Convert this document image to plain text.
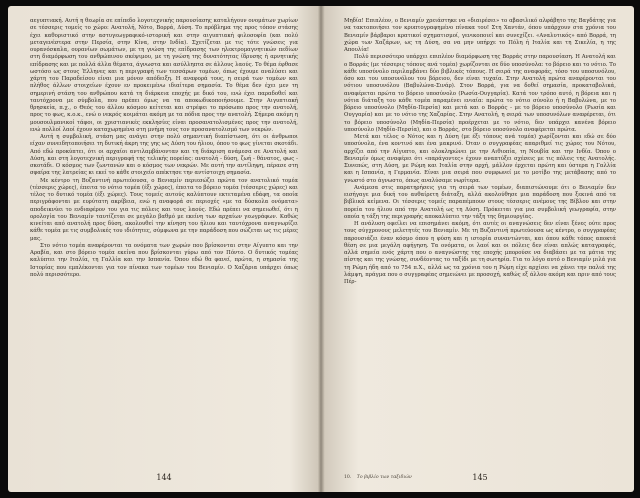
αεγυπτιακή. Αυτή η θεωρία σε επίπεδο λογοτεχνικής παρουσίασης καταλήγουν ονομάτων χωρίων σε τέσσερις τομείς το χώρο: Ανατολή, Νότο, Βορρά, Δύση. Το πρόβλημα της προς τόπον στάσης έχει καθοριστικό στην αστυγεωγραφικό-ιστορική και στην αιγυπτιακή φιλοσοφία (και πολύ μεταγενέστερα στην Περσία, στην Κίνα, στην Ινδία). Σχετίζεται με τις τότε γνώσεις για ουρανόσκαλα, ουρανίων σωμάτων, με τη γνώση της επίδρασης των ηλεκτρομαγνητικών πεδίων στη διαμόρφωση του ανθρώπινου σκέψιμου, με τη γνώση της δυνατότητας ίδρυσης ή αρνητικής επίδρασης και με πολλά άλλα θέματα, άγνωστα και ασύλληπτα σε άλλους λαούς. Το θέμα έφθασε ωστόσο ως στους Έλληνες και η περιγραφή των τεσσάρων τομέων, όπως έχουμε αναλύσει και χάρτη του Παραδείσου είναι μια μόνον απόδειξη. Η αναφορά τους, η σειρά των τομέων και πλήθος άλλων στοιχείων έχουν εν προκειμένω ιδιαίτερα σημασία. Το θέμα δεν έχει μεν τη σημερινή στάση του ανθρώπου κατά τη διάρκεια εποχής με δικό του, ενώ έχει παραδοθεί και ταυτόχρονα με σύμβολα, που πρέπει όμως να τα αποκωδικοποιήσουμε. Στην Αιγυπτιακή θρησκεία, π.χ., ο Θεός του άλλου κόσμου κείτεται και στρέφει το πρόσωπο προς την ανατολή, προς το φως, κ.ο.κ., ενώ ο νεκρός κοιμάται ακόμη με τα πόδια προς την ανατολή. Σήμερα ακόμη η μουσουλμανικοί τάφοι, οι χριστιανικές εκκλησίες είναι προσανατολισμένες προς την ανατολή, ενώ πολλοί λαοί έχουν καταχωρημένα στη μνήμη τους τον προσανατολισμό των νεκρών.

Αυτή η συμβολική, στάση μας ανάγει στην πολύ σημαντική διαπίστωση, ότι οι άνθρωποι είχαν συνειδητοποιήσει τη δυτική άκρη της γης ως Δύση του ήλιου, όπου το φως γίνεται σκοτάδι. Από εδώ προκύπτει, ότι οι αρχαίοι αντιλαμβάνονταν και τη διάκριση ανάμεσα σε Ανατολή και Δύση, και στη λογοτεχνική περιγραφή της τελικής πορείας: ανατολή - δύση, ζωή - θάνατος, φως - σκοτάδι. Ο κόσμος των ζωντανών και ο κόσμος των νεκρών. Με αυτή την αντίληψη, πέρασε στη σφαίρα της λατρείας κι εκεί το κάθε στοιχείο απέκτησε την αντίστοιχη σημασία.

Με κέντρο τη Βυζαντινή πρωτεύουσα, ο Βενιαμίν περιεσώζει πρώτα τον ανατολικό τομέα (τέσσερις χώρες), έπειτα το νότιο τομέα (έξι χώρες), έπειτα το βόρειο τομέα (τέσσερις χώρες) και τέλος το δυτικό τομέα (έξι χώρες). Τους τομείς αυτούς καλύπτουν εκτεταμένα εδάφη, τα οποία περιγράφονται με ευρύτατη ακρίβεια, ενώ η αναφορά σε περιοχές «με τα δύσκολα ονόματα» αποδεικνύει το ενδιαφέρον του για τις πόλεις και τους λαούς. Εδώ πρέπει να σημειωθεί, ότι η ορολογία του Βενιαμίν ταυτίζεται σε μεγάλο βαθμό με εκείνη των αρχαίων γεωγράφων. Καθώς κινείται από ανατολή προς δύση, ακολουθεί την κίνηση του ήλιου και ταυτόχρονα αναγνωρίζει κάθε τομέα με τις συμβολικές του ιδιότητες, σύμφωνα με την παράδοση που σώζεται ως τις μέρες μας.

Στο νότιο τομέα αναφέρονται τα ονόματα των χωρών που βρίσκονται στην Αίγυπτο και την Αραβία, και στο βόρειο τομέα εκείνα που βρίσκονται γύρω από τον Πόντο. Ο δυτικός τομέας καλύπτει την Ιταλία, τη Γαλλία και την Ισπανία. Όπου εδώ θα φανεί, πρώτα, η σημασία της Ιστορίας που εμπλέκονται για τον πίνακα των τομέων του Βενιαμίν. Ο Χαζάρια υπάρχει όπως πολύ περισσότερο.

144

Μηδία! Επιπλέον, ο Βενιαμίν χρειάστηκε να «διαιρέσει» το αβασιλικό αλφάβητο της Βαγδάτης για να τακτοποιήσει τον κρυπτογραφημένο πίνακα του! Στη Χαντάν, όπου υπάρχουν στα χρόνια του Βενιαμίν βάρβαροι κρατικοί σχηματισμοί, γενικοποιεί και συνεχίζει. «Αναλυτικός» από Βορρά, τη χώρα των Χαζάρων, ως τη Δύση, σα να μην υπήρχε το Πόλη ή Ιταλία και τη Σικελία, η της Απουλία!

Πολύ περισσότερο υπάρχει επιπλέον διαμόρφωση της Βορράς στην παρουσίαση. Η Ανατολή και ο Βορράς (με τέσσερις τόπους ανά τομέα) χωρίζονται σε δύο υποσύνολα: το βόρειο και το νότιο. Το κάθε υποσύνολο περιλαμβάνει δύο βιβλικές τόπους. Η σειρά της αναφοράς, τόσο του υποσυνόλου, όσο και του υποσυνόλου του βόρειου, δεν είναι τυχαία. Στην Ανατολή πρώτα αναφέρονται του νότιου υποσυνόλου (Βαβυλώνα-Σινάρ). Στον Βορρά, για να δοθεί σημασία, προκαταβολικά, αναφέρεται πρώτα το βόρειο υποσύνολο (Ρωσία-Ουγγαρία). Κατά τον τρόπο αυτό, η βόρεια και η νότια διάταξη του κάθε τομέα παραμένει ενιαία: πρώτα το νότιο σύνολο ή η Βαβυλώνα, με το βόρειο υποσύνολο (Μηδία-Περσία) και μετά και ο Βορράς - με το βόρειο υποσύνολο (Ρωσία και Ουγγαρία) και με το νότιο της Χαζαρίας. Στην Ανατολή, η σειρά των υποσυνόλων αναφέρεται, ότι το βόρειο υποσύνολο (Μηδία-Περσία) προέρχεται με το νότιο, δεν υπάρχει κανένα βόρειο υποσύνολο (Μηδία-Περσία), και ο Βορράς, στο βόρειο υποσύνολο αναφέρεται πρώτα.

Μετά και τέλος ο Νότος και η Δύση (με έξι τόπους ανά τομέα) χωρίζονται και εδώ σε δύο υποσύνολα, ένα κοντινό και ένα μακρινό. Όταν ο συγγραφέας απαριθμεί τις χώρες του Νότου, αρχίζει από την Αίγυπτο, και ολοκληρώνει με την Αιθιοπία, τη Νουβία και την Ινδία. Όπου ο Βενιαμίν όμως αναφέρει ότι «παράγοντες» έχουν αναπτύξει σχέσεις με τις πόλεις της Ανατολής. Συνεπώς, στη Δύση, με Ρώμη και Ιταλία στην αρχή, μάλλον έρχεται πρώτη και ύστερα η Γαλλία και η Ισπανία, η Γερμανία. Είναι μια σειρά που συμφωνεί με το μοτίβο της μετάβασης από το γνωστό στο άγνωστο, όπως αναλύσαμε νωρίτερα.

Ανάμεσα στις παρατηρήσεις για τη σειρά των τομέων, διαπιστώνουμε ότι ο Βενιαμίν δεν εισήγαγε μια δική του αυθαίρετη διάταξη, αλλά ακολούθησε μια παράδοση που ξεκινά από τα βιβλικά κείμενα. Οι τέσσερις τομείς παραπέμπουν στους τέσσερις ανέμους της Βίβλου και στην πορεία του ήλιου από την Ανατολή ως τη Δύση. Πρόκειται για μια συμβολική γεωγραφία, στην οποία η τάξη της περιγραφής αποκαλύπτει την τάξη της δημιουργίας.

Η ανάλυση οφείλει να επισημάνει ακόμη, ότι αυτές οι αναγνώσεις δεν είναι ξένες ούτε προς τους σύγχρονους μελετητές του Βενιαμίν. Με τη Βυζαντινή πρωτεύουσα ως κέντρο, ο συγγραφέας παρουσιάζει έναν κόσμο όπου η φύση και η ιστορία συναντώνται, και όπου κάθε τόπος αποκτά θέση σε μια μεγάλη αφήγηση. Τα ονόματα, οι λαοί και οι πόλεις δεν είναι απλώς καταγραφές, αλλά σημεία ενός χάρτη που ο αναγνώστης της εποχής μπορούσε να διαβάσει με τα μάτια της πίστης και της γνώσης, συνδέοντας το ταξίδι με τη σωτηρία. Για το λόγο αυτό ο Βενιαμίν μιλά για τη Ρώμη ήδη από το 754 π.Χ., αλλά ως τα χρόνια του η Ρώμη είχε αρχίσει να χάνει την παλιά της λάμψη, πράγμα που ο συγγραφέας σημειώνει με προσοχή, καθώς εξ άλλου ακόμη και πριν από τους Πέρ-

10. Το βιβλίο των ταξιδιών	145
